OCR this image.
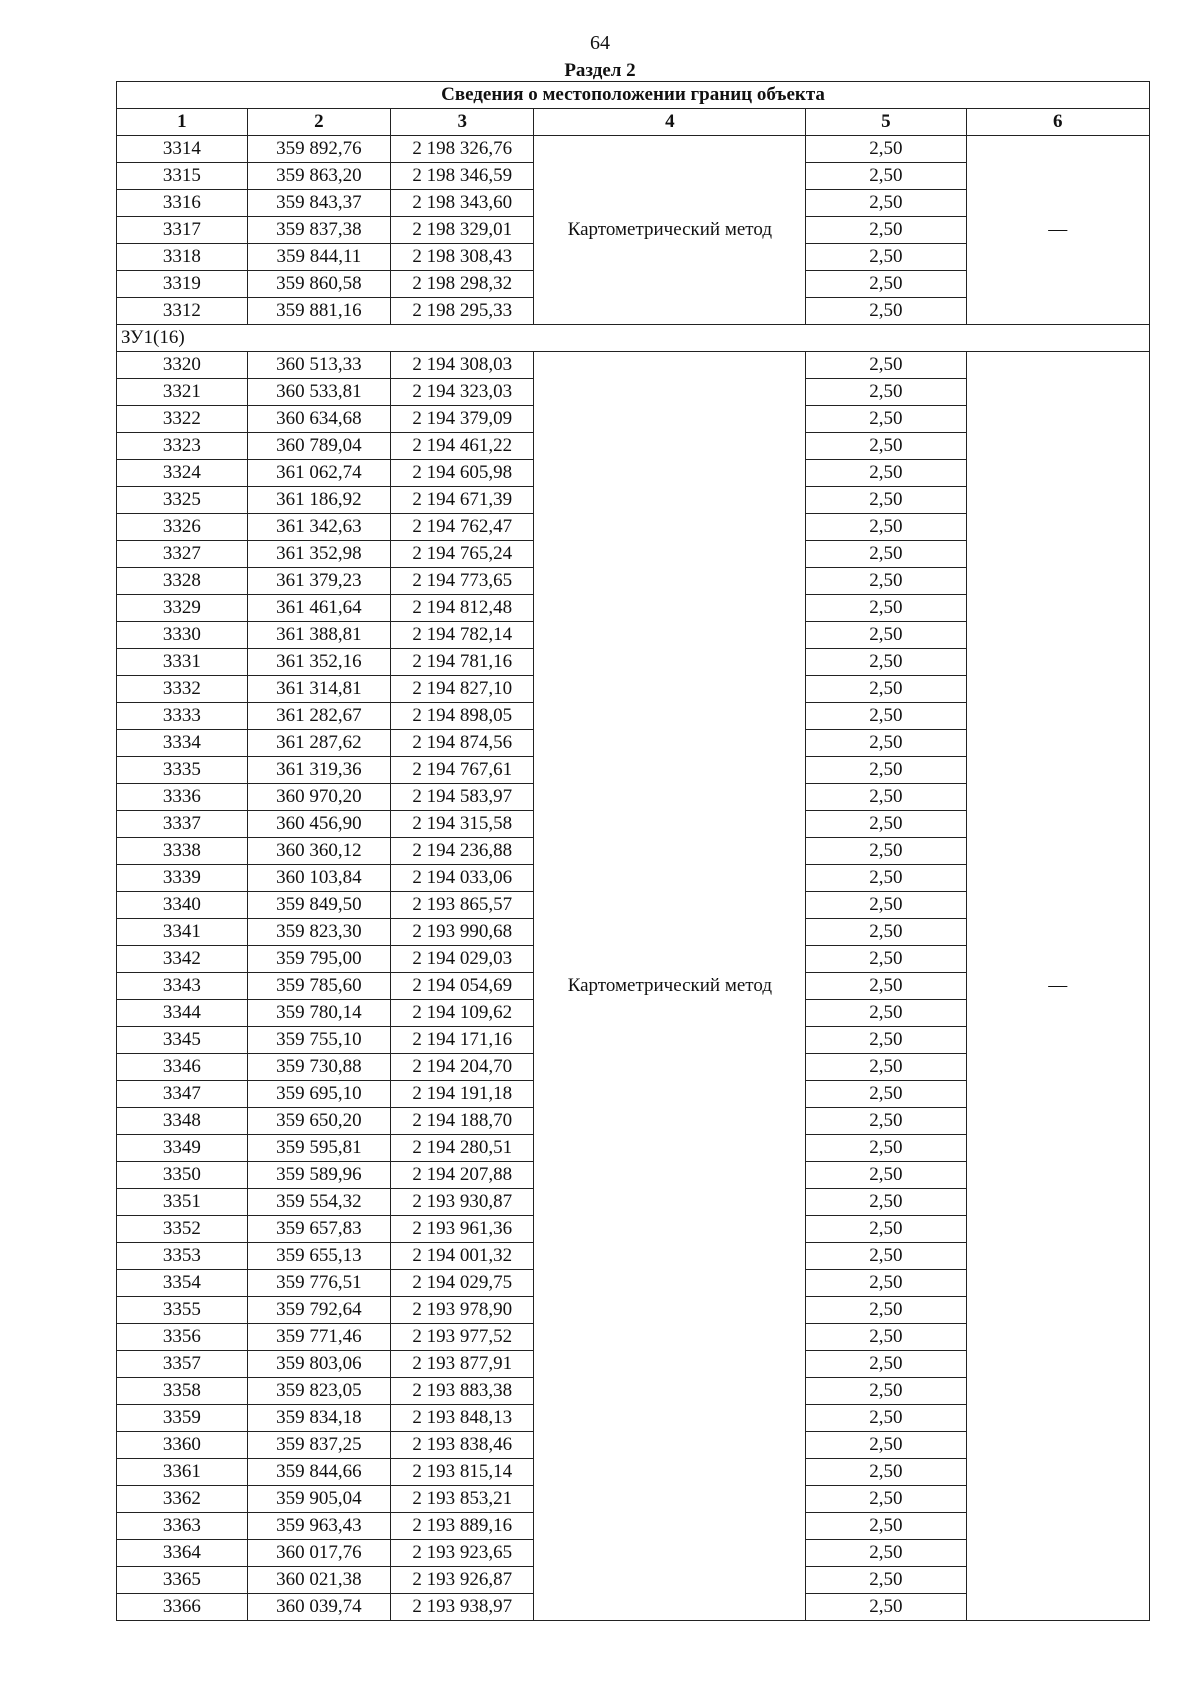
64
Раздел 2
Сведения о местоположении границ объекта					
1	2	3	4	5	6
3314	359 892,76	2 198 326,76	Картометрический метод	2,50	—
3315	359 863,20	2 198 346,59		2,50	
3316	359 843,37	2 198 343,60		2,50	
3317	359 837,38	2 198 329,01		2,50	
3318	359 844,11	2 198 308,43		2,50	
3319	359 860,58	2 198 298,32		2,50	
3312	359 881,16	2 198 295,33		2,50	
ЗУ1(16)					
3320	360 513,33	2 194 308,03	Картометрический метод	2,50	—
3321	360 533,81	2 194 323,03		2,50	
3322	360 634,68	2 194 379,09		2,50	
3323	360 789,04	2 194 461,22		2,50	
3324	361 062,74	2 194 605,98		2,50	
3325	361 186,92	2 194 671,39		2,50	
3326	361 342,63	2 194 762,47		2,50	
3327	361 352,98	2 194 765,24		2,50	
3328	361 379,23	2 194 773,65		2,50	
3329	361 461,64	2 194 812,48		2,50	
3330	361 388,81	2 194 782,14		2,50	
3331	361 352,16	2 194 781,16		2,50	
3332	361 314,81	2 194 827,10		2,50	
3333	361 282,67	2 194 898,05		2,50	
3334	361 287,62	2 194 874,56		2,50	
3335	361 319,36	2 194 767,61		2,50	
3336	360 970,20	2 194 583,97		2,50	
3337	360 456,90	2 194 315,58		2,50	
3338	360 360,12	2 194 236,88		2,50	
3339	360 103,84	2 194 033,06		2,50	
3340	359 849,50	2 193 865,57		2,50	
3341	359 823,30	2 193 990,68		2,50	
3342	359 795,00	2 194 029,03		2,50	
3343	359 785,60	2 194 054,69		2,50	
3344	359 780,14	2 194 109,62		2,50	
3345	359 755,10	2 194 171,16		2,50	
3346	359 730,88	2 194 204,70		2,50	
3347	359 695,10	2 194 191,18		2,50	
3348	359 650,20	2 194 188,70		2,50	
3349	359 595,81	2 194 280,51		2,50	
3350	359 589,96	2 194 207,88		2,50	
3351	359 554,32	2 193 930,87		2,50	
3352	359 657,83	2 193 961,36		2,50	
3353	359 655,13	2 194 001,32		2,50	
3354	359 776,51	2 194 029,75		2,50	
3355	359 792,64	2 193 978,90		2,50	
3356	359 771,46	2 193 977,52		2,50	
3357	359 803,06	2 193 877,91		2,50	
3358	359 823,05	2 193 883,38		2,50	
3359	359 834,18	2 193 848,13		2,50	
3360	359 837,25	2 193 838,46		2,50	
3361	359 844,66	2 193 815,14		2,50	
3362	359 905,04	2 193 853,21		2,50	
3363	359 963,43	2 193 889,16		2,50	
3364	360 017,76	2 193 923,65		2,50	
3365	360 021,38	2 193 926,87		2,50	
3366	360 039,74	2 193 938,97		2,50	
